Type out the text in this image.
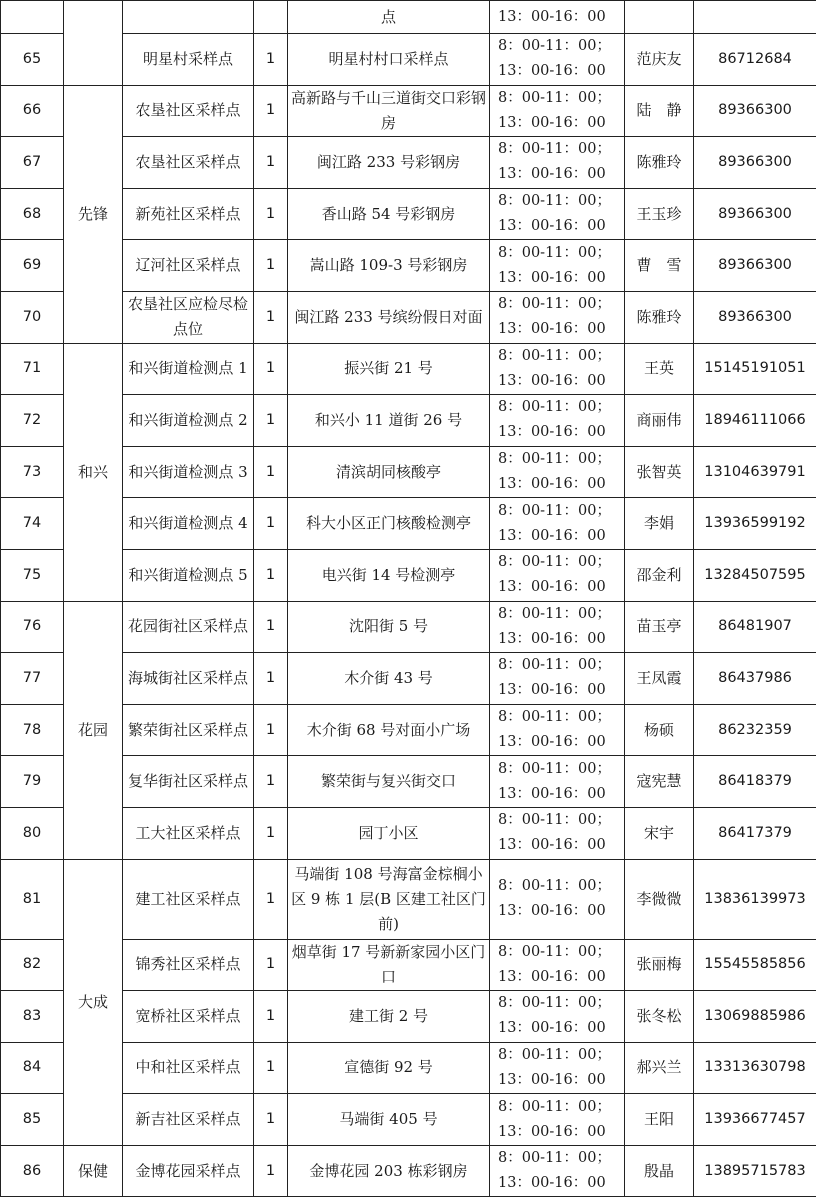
				点	13：00-16：00		
65		明星村采样点	1	明星村村口采样点	8：00-11：00；
13：00-16：00	范庆友	86712684
66	先锋	农垦社区采样点	1	高新路与千山三道街交口彩钢房	8：00-11：00；
13：00-16：00	陆　静	89366300
67		农垦社区采样点	1	闽江路 233 号彩钢房	8：00-11：00；
13：00-16：00	陈雅玲	89366300
68		新苑社区采样点	1	香山路 54 号彩钢房	8：00-11：00；
13：00-16：00	王玉珍	89366300
69		辽河社区采样点	1	嵩山路 109-3 号彩钢房	8：00-11：00；
13：00-16：00	曹　雪	89366300
70		农垦社区应检尽检点位	1	闽江路 233 号缤纷假日对面	8：00-11：00；
13：00-16：00	陈雅玲	89366300
71	和兴	和兴街道检测点 1	1	振兴街 21 号	8：00-11：00；
13：00-16：00	王英	15145191051
72		和兴街道检测点 2	1	和兴小 11 道街 26 号	8：00-11：00；
13：00-16：00	商丽伟	18946111066
73		和兴街道检测点 3	1	清滨胡同核酸亭	8：00-11：00；
13：00-16：00	张智英	13104639791
74		和兴街道检测点 4	1	科大小区正门核酸检测亭	8：00-11：00；
13：00-16：00	李娟	13936599192
75		和兴街道检测点 5	1	电兴街 14 号检测亭	8：00-11：00；
13：00-16：00	邵金利	13284507595
76	花园	花园街社区采样点	1	沈阳街 5 号	8：00-11：00；
13：00-16：00	苗玉亭	86481907
77		海城街社区采样点	1	木介街 43 号	8：00-11：00；
13：00-16：00	王凤霞	86437986
78		繁荣街社区采样点	1	木介街 68 号对面小广场	8：00-11：00；
13：00-16：00	杨硕	86232359
79		复华街社区采样点	1	繁荣街与复兴街交口	8：00-11：00；
13：00-16：00	寇宪慧	86418379
80		工大社区采样点	1	园丁小区	8：00-11：00；
13：00-16：00	宋宇	86417379
81	大成	建工社区采样点	1	马端街 108 号海富金棕榈小区 9 栋 1 层(B 区建工社区门前)	8：00-11：00；
13：00-16：00	李微微	13836139973
82		锦秀社区采样点	1	烟草街 17 号新新家园小区门口	8：00-11：00；
13：00-16：00	张丽梅	15545585856
83		宽桥社区采样点	1	建工街 2 号	8：00-11：00；
13：00-16：00	张冬松	13069885986
84		中和社区采样点	1	宣德街 92 号	8：00-11：00；
13：00-16：00	郝兴兰	13313630798
85		新吉社区采样点	1	马端街 405 号	8：00-11：00；
13：00-16：00	王阳	13936677457
86	保健	金博花园采样点	1	金博花园 203 栋彩钢房	8：00-11：00；
13：00-16：00	殷晶	13895715783
